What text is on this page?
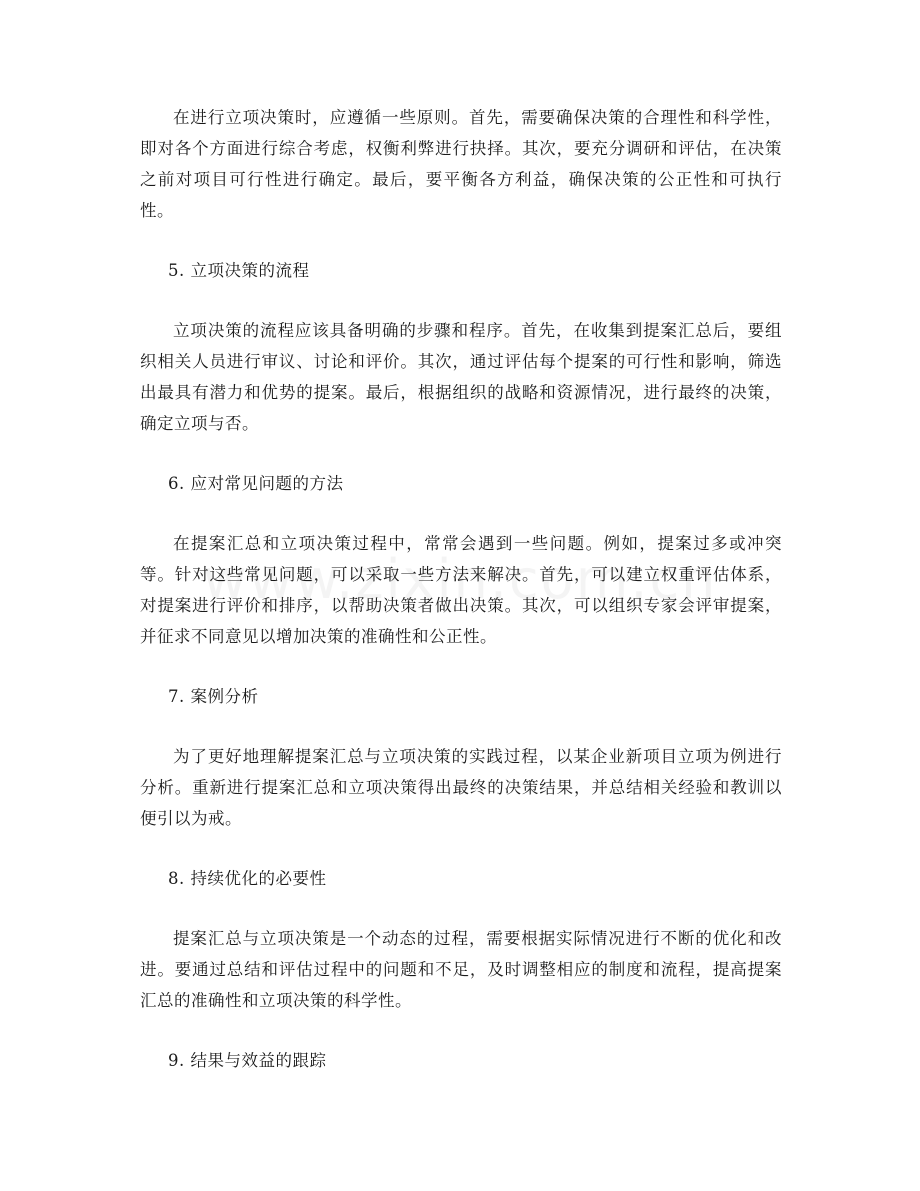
在进行立项决策时，应遵循一些原则。首先，需要确保决策的合理性和科学性，即对各个方面进行综合考虑，权衡利弊进行抉择。其次，要充分调研和评估，在决策之前对项目可行性进行确定。最后，要平衡各方利益，确保决策的公正性和可执行性。

5. 立项决策的流程

立项决策的流程应该具备明确的步骤和程序。首先，在收集到提案汇总后，要组织相关人员进行审议、讨论和评价。其次，通过评估每个提案的可行性和影响，筛选出最具有潜力和优势的提案。最后，根据组织的战略和资源情况，进行最终的决策，确定立项与否。

6. 应对常见问题的方法

在提案汇总和立项决策过程中，常常会遇到一些问题。例如，提案过多或冲突等。针对这些常见问题，可以采取一些方法来解决。首先，可以建立权重评估体系，对提案进行评价和排序，以帮助决策者做出决策。其次，可以组织专家会评审提案，并征求不同意见以增加决策的准确性和公正性。

7. 案例分析

为了更好地理解提案汇总与立项决策的实践过程，以某企业新项目立项为例进行分析。重新进行提案汇总和立项决策得出最终的决策结果，并总结相关经验和教训以便引以为戒。

8. 持续优化的必要性

提案汇总与立项决策是一个动态的过程，需要根据实际情况进行不断的优化和改进。要通过总结和评估过程中的问题和不足，及时调整相应的制度和流程，提高提案汇总的准确性和立项决策的科学性。

9. 结果与效益的跟踪
